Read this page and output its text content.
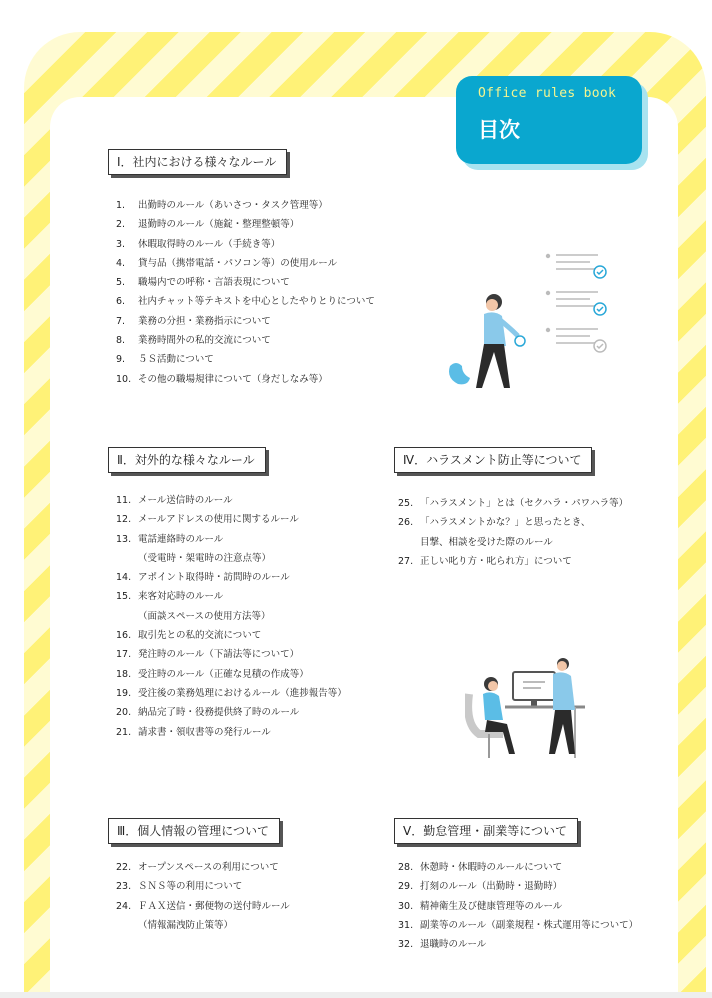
Office rules book
目次
Ⅰ．社内における様々なルール
1. 出勤時のルール（あいさつ・タスク管理等）
2. 退勤時のルール（施錠・整理整頓等）
3. 休暇取得時のルール（手続き等）
4. 貸与品（携帯電話・パソコン等）の使用ルール
5. 職場内での呼称・言語表現について
6. 社内チャット等テキストを中心としたやりとりについて
7. 業務の分担・業務指示について
8. 業務時間外の私的交流について
9. ５Ｓ活動について
10. その他の職場規律について（身だしなみ等）
Ⅱ．対外的な様々なルール
11. メール送信時のルール
12. メールアドレスの使用に関するルール
13. 電話連絡時のルール
（受電時・架電時の注意点等）
14. アポイント取得時・訪問時のルール
15. 来客対応時のルール
（面談スペースの使用方法等）
16. 取引先との私的交流について
17. 発注時のルール（下請法等について）
18. 受注時のルール（正確な見積の作成等）
19. 受注後の業務処理におけるルール（進捗報告等）
20. 納品完了時・役務提供終了時のルール
21. 請求書・領収書等の発行ルール
Ⅳ．ハラスメント防止等について
25. 「ハラスメント」とは（セクハラ・パワハラ等）
26. 「ハラスメントかな？」と思ったとき、
目撃、相談を受けた際のルール
27. 正しい叱り方・叱られ方」について
Ⅲ．個人情報の管理について
22. オープンスペースの利用について
23. ＳＮＳ等の利用について
24. ＦＡＸ送信・郵便物の送付時ルール
（情報漏洩防止策等）
Ⅴ．勤怠管理・副業等について
28. 休憩時・休暇時のルールについて
29. 打刻のルール（出勤時・退勤時）
30. 精神衛生及び健康管理等のルール
31. 副業等のルール（副業規程・株式運用等について）
32. 退職時のルール
